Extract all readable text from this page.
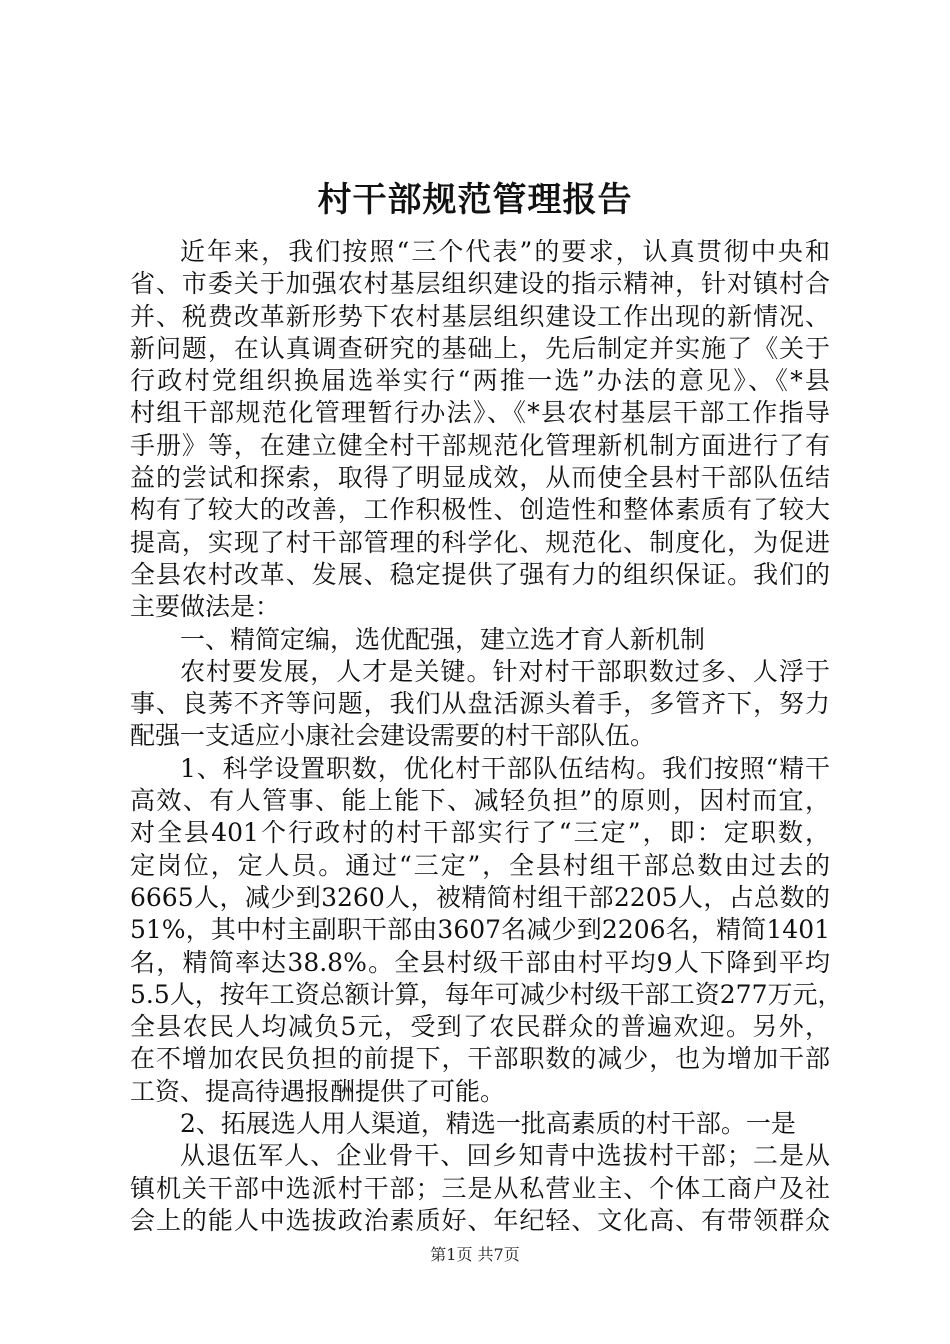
村干部规范管理报告
近年来，我们按照“三个代表”的要求，认真贯彻中央和
省、市委关于加强农村基层组织建设的指示精神，针对镇村合
并、税费改革新形势下农村基层组织建设工作出现的新情况、
新问题，在认真调查研究的基础上，先后制定并实施了《关于
行政村党组织换届选举实行“两推一选”办法的意见》、《*县
村组干部规范化管理暂行办法》、《*县农村基层干部工作指导
手册》等，在建立健全村干部规范化管理新机制方面进行了有
益的尝试和探索，取得了明显成效，从而使全县村干部队伍结
构有了较大的改善，工作积极性、创造性和整体素质有了较大
提高，实现了村干部管理的科学化、规范化、制度化，为促进
全县农村改革、发展、稳定提供了强有力的组织保证。我们的
主要做法是：
一、精简定编，选优配强，建立选才育人新机制
农村要发展，人才是关键。针对村干部职数过多、人浮于
事、良莠不齐等问题，我们从盘活源头着手，多管齐下，努力
配强一支适应小康社会建设需要的村干部队伍。
1、科学设置职数，优化村干部队伍结构。我们按照“精干
高效、有人管事、能上能下、减轻负担”的原则，因村而宜，
对全县401个行政村的村干部实行了“三定”，即：定职数，
定岗位，定人员。通过“三定”，全县村组干部总数由过去的
6665人，减少到3260人，被精简村组干部2205人，占总数的
51%，其中村主副职干部由3607名减少到2206名，精简1401
名，精简率达38.8%。全县村级干部由村平均9人下降到平均
5.5人，按年工资总额计算，每年可减少村级干部工资277万元，
全县农民人均减负5元，受到了农民群众的普遍欢迎。另外，
在不增加农民负担的前提下，干部职数的减少，也为增加干部
工资、提高待遇报酬提供了可能。
2、拓展选人用人渠道，精选一批高素质的村干部。一是
从退伍军人、企业骨干、回乡知青中选拔村干部；二是从
镇机关干部中选派村干部；三是从私营业主、个体工商户及社
会上的能人中选拔政治素质好、年纪轻、文化高、有带领群众
第1页 共7页
